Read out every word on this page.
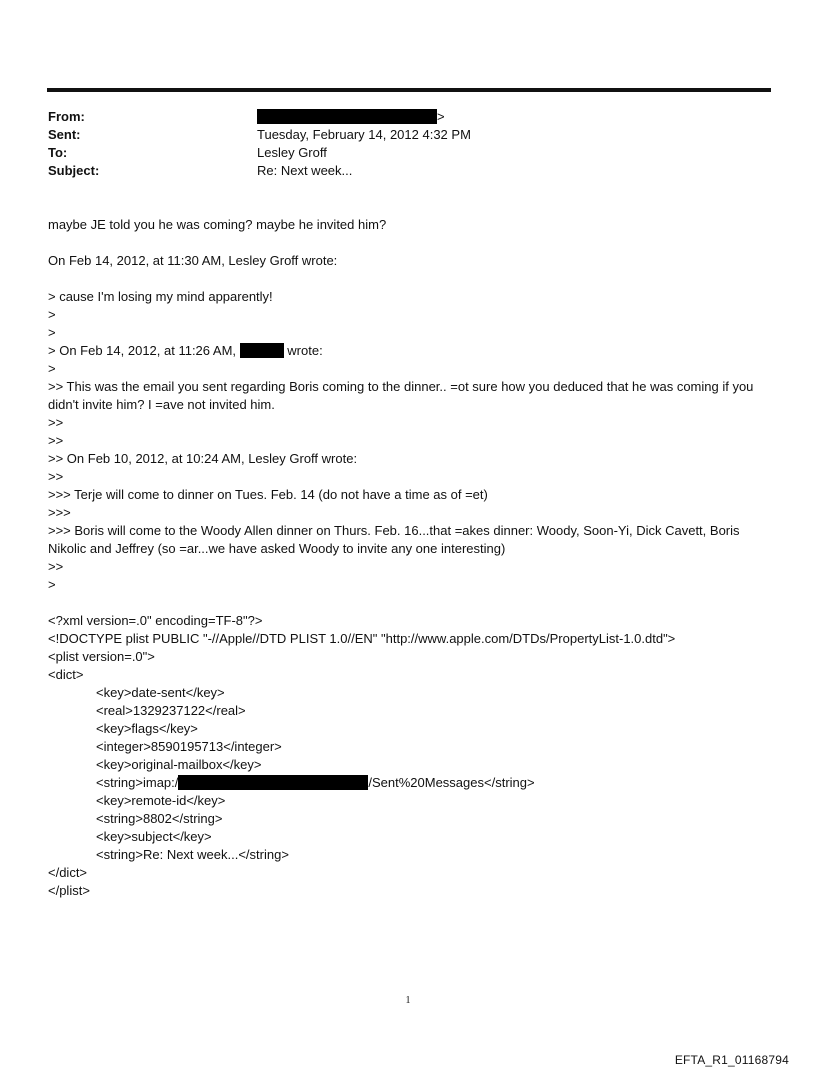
From:	>
Sent:	Tuesday, February 14, 2012 4:32 PM
To:	Lesley Groff
Subject:	Re: Next week...
maybe JE told you he was coming? maybe he invited him?
On Feb 14, 2012, at 11:30 AM, Lesley Groff wrote:
> cause I'm losing my mind apparently!
>
>
> On Feb 14, 2012, at 11:26 AM,	wrote:
>
>> This was the email you sent regarding Boris coming to the dinner.. =ot sure how you deduced that he was coming if you didn't invite him? I =ave not invited him.
>>
>>
>> On Feb 10, 2012, at 10:24 AM, Lesley Groff wrote:
>>
>>> Terje will come to dinner on Tues. Feb. 14 (do not have a time as of =et)
>>>
>>> Boris will come to the Woody Allen dinner on Thurs. Feb. 16...that =akes dinner: Woody, Soon-Yi, Dick Cavett, Boris Nikolic and Jeffrey (so =ar...we have asked Woody to invite any one interesting)
>>
>
<?xml version=.0" encoding=TF-8"?>
<!DOCTYPE plist PUBLIC "-//Apple//DTD PLIST 1.0//EN" "http://www.apple.com/DTDs/PropertyList-1.0.dtd">
<plist version=.0">
<dict>
<key>date-sent</key>
<real>1329237122</real>
<key>flags</key>
<integer>8590195713</integer>
<key>original-mailbox</key>
<string>imap:/	/Sent%20Messages</string>
<key>remote-id</key>
<string>8802</string>
<key>subject</key>
<string>Re: Next week...</string>
</dict>
</plist>
1
EFTA_R1_01168794
